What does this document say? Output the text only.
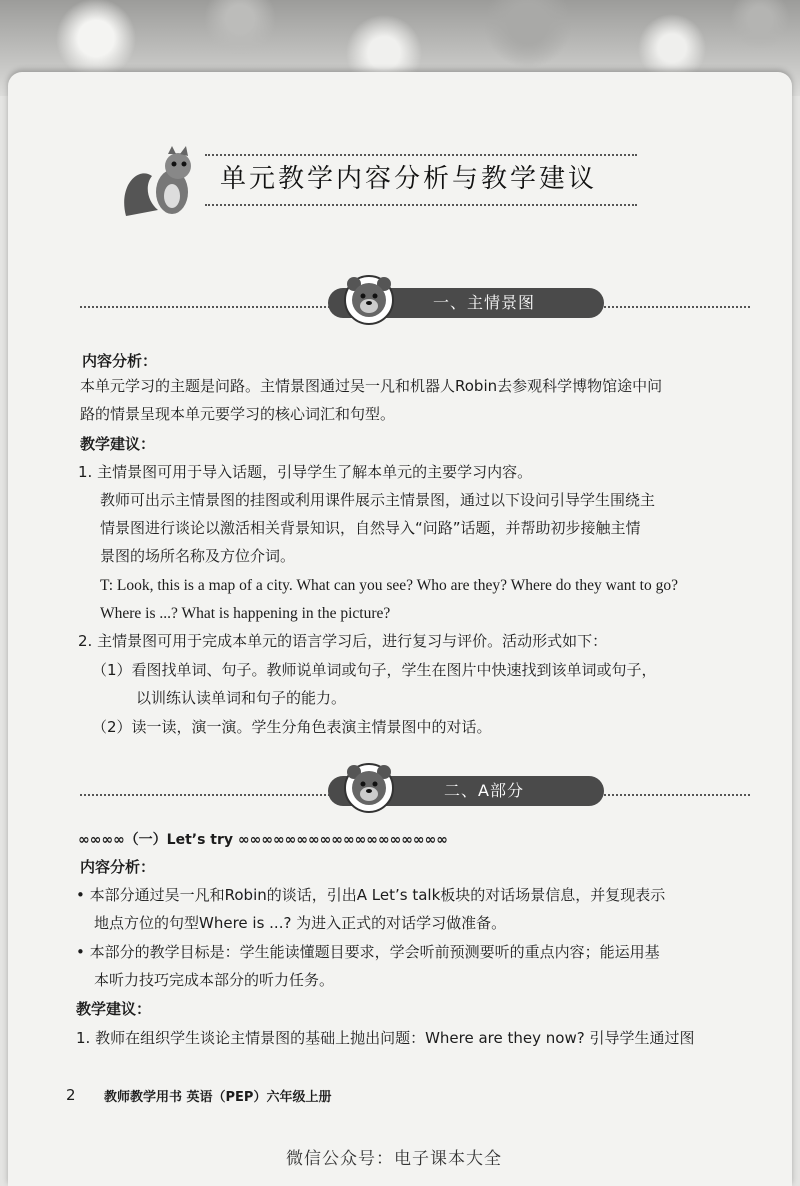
单元教学内容分析与教学建议
一、主情景图
内容分析：
本单元学习的主题是问路。主情景图通过吴一凡和机器人Robin去参观科学博物馆途中问
路的情景呈现本单元要学习的核心词汇和句型。
教学建议：
1. 主情景图可用于导入话题，引导学生了解本单元的主要学习内容。
教师可出示主情景图的挂图或利用课件展示主情景图，通过以下设问引导学生围绕主
情景图进行谈论以激活相关背景知识，自然导入“问路”话题，并帮助初步接触主情
景图的场所名称及方位介词。
T: Look, this is a map of a city. What can you see? Who are they? Where do they want to go?
Where is ...? What is happening in the picture?
2. 主情景图可用于完成本单元的语言学习后，进行复习与评价。活动形式如下：
（1）看图找单词、句子。教师说单词或句子，学生在图片中快速找到该单词或句子，
以训练认读单词和句子的能力。
（2）读一读，演一演。学生分角色表演主情景图中的对话。
二、A部分
∞∞∞∞（一）Let’s try ∞∞∞∞∞∞∞∞∞∞∞∞∞∞∞∞∞∞
内容分析：
• 本部分通过吴一凡和Robin的谈话，引出A Let’s talk板块的对话场景信息，并复现表示
地点方位的句型Where is ...? 为进入正式的对话学习做准备。
• 本部分的教学目标是：学生能读懂题目要求，学会听前预测要听的重点内容；能运用基
本听力技巧完成本部分的听力任务。
教学建议：
1. 教师在组织学生谈论主情景图的基础上抛出问题：Where are they now? 引导学生通过图
2 教师教学用书 英语（PEP）六年级上册
微信公众号：电子课本大全
